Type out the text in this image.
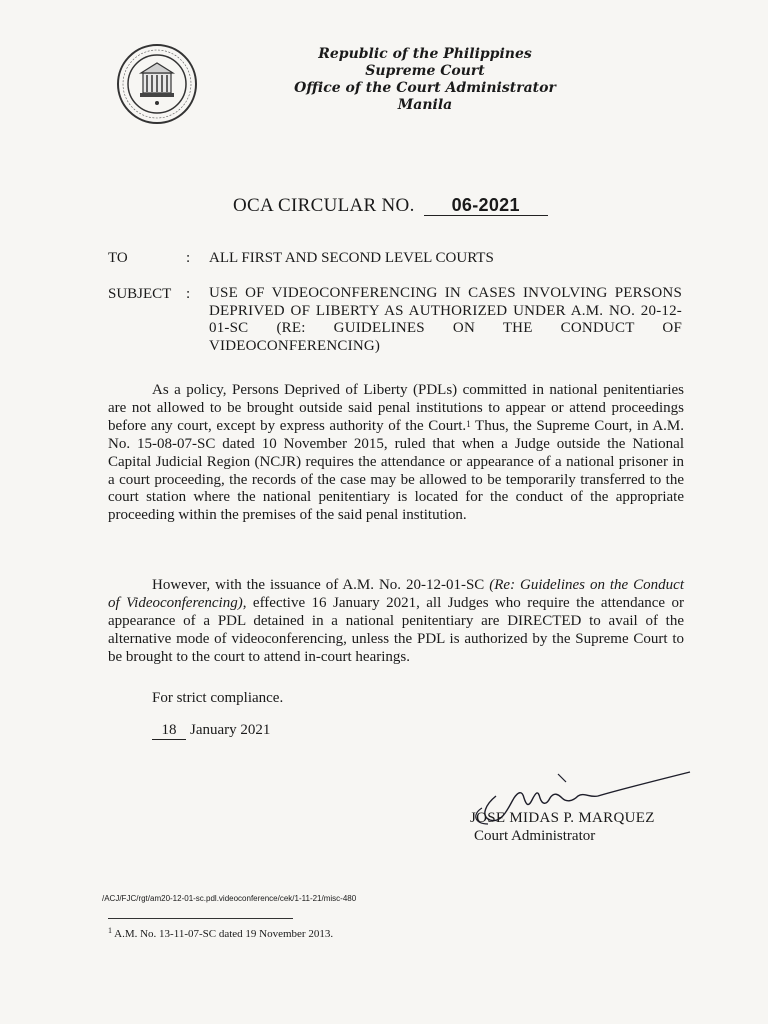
Republic of the Philippines
Supreme Court
Office of the Court Administrator
Manila
OCA CIRCULAR NO. 06-2021
TO	: ALL FIRST AND SECOND LEVEL COURTS
SUBJECT : USE OF VIDEOCONFERENCING IN CASES INVOLVING PERSONS DEPRIVED OF LIBERTY AS AUTHORIZED UNDER A.M. NO. 20-12-01-SC (RE: GUIDELINES ON THE CONDUCT OF VIDEOCONFERENCING)
As a policy, Persons Deprived of Liberty (PDLs) committed in national penitentiaries are not allowed to be brought outside said penal institutions to appear or attend proceedings before any court, except by express authority of the Court.$^1$ Thus, the Supreme Court, in A.M. No. 15-08-07-SC dated 10 November 2015, ruled that when a Judge outside the National Capital Judicial Region (NCJR) requires the attendance or appearance of a national prisoner in a court proceeding, the records of the case may be allowed to be temporarily transferred to the court station where the national penitentiary is located for the conduct of the appropriate proceeding within the premises of the said penal institution.
However, with the issuance of A.M. No. 20-12-01-SC (Re: Guidelines on the Conduct of Videoconferencing), effective 16 January 2021, all Judges who require the attendance or appearance of a PDL detained in a national penitentiary are DIRECTED to avail of the alternative mode of videoconferencing, unless the PDL is authorized by the Supreme Court to be brought to the court to attend in-court hearings.
For strict compliance.
18 January 2021
JOSE MIDAS P. MARQUEZ
Court Administrator
/ACJ/FJC/rgt/am20-12-01-sc.pdl.videoconference/cek/1-11-21/misc-480
$^1$ A.M. No. 13-11-07-SC dated 19 November 2013.
